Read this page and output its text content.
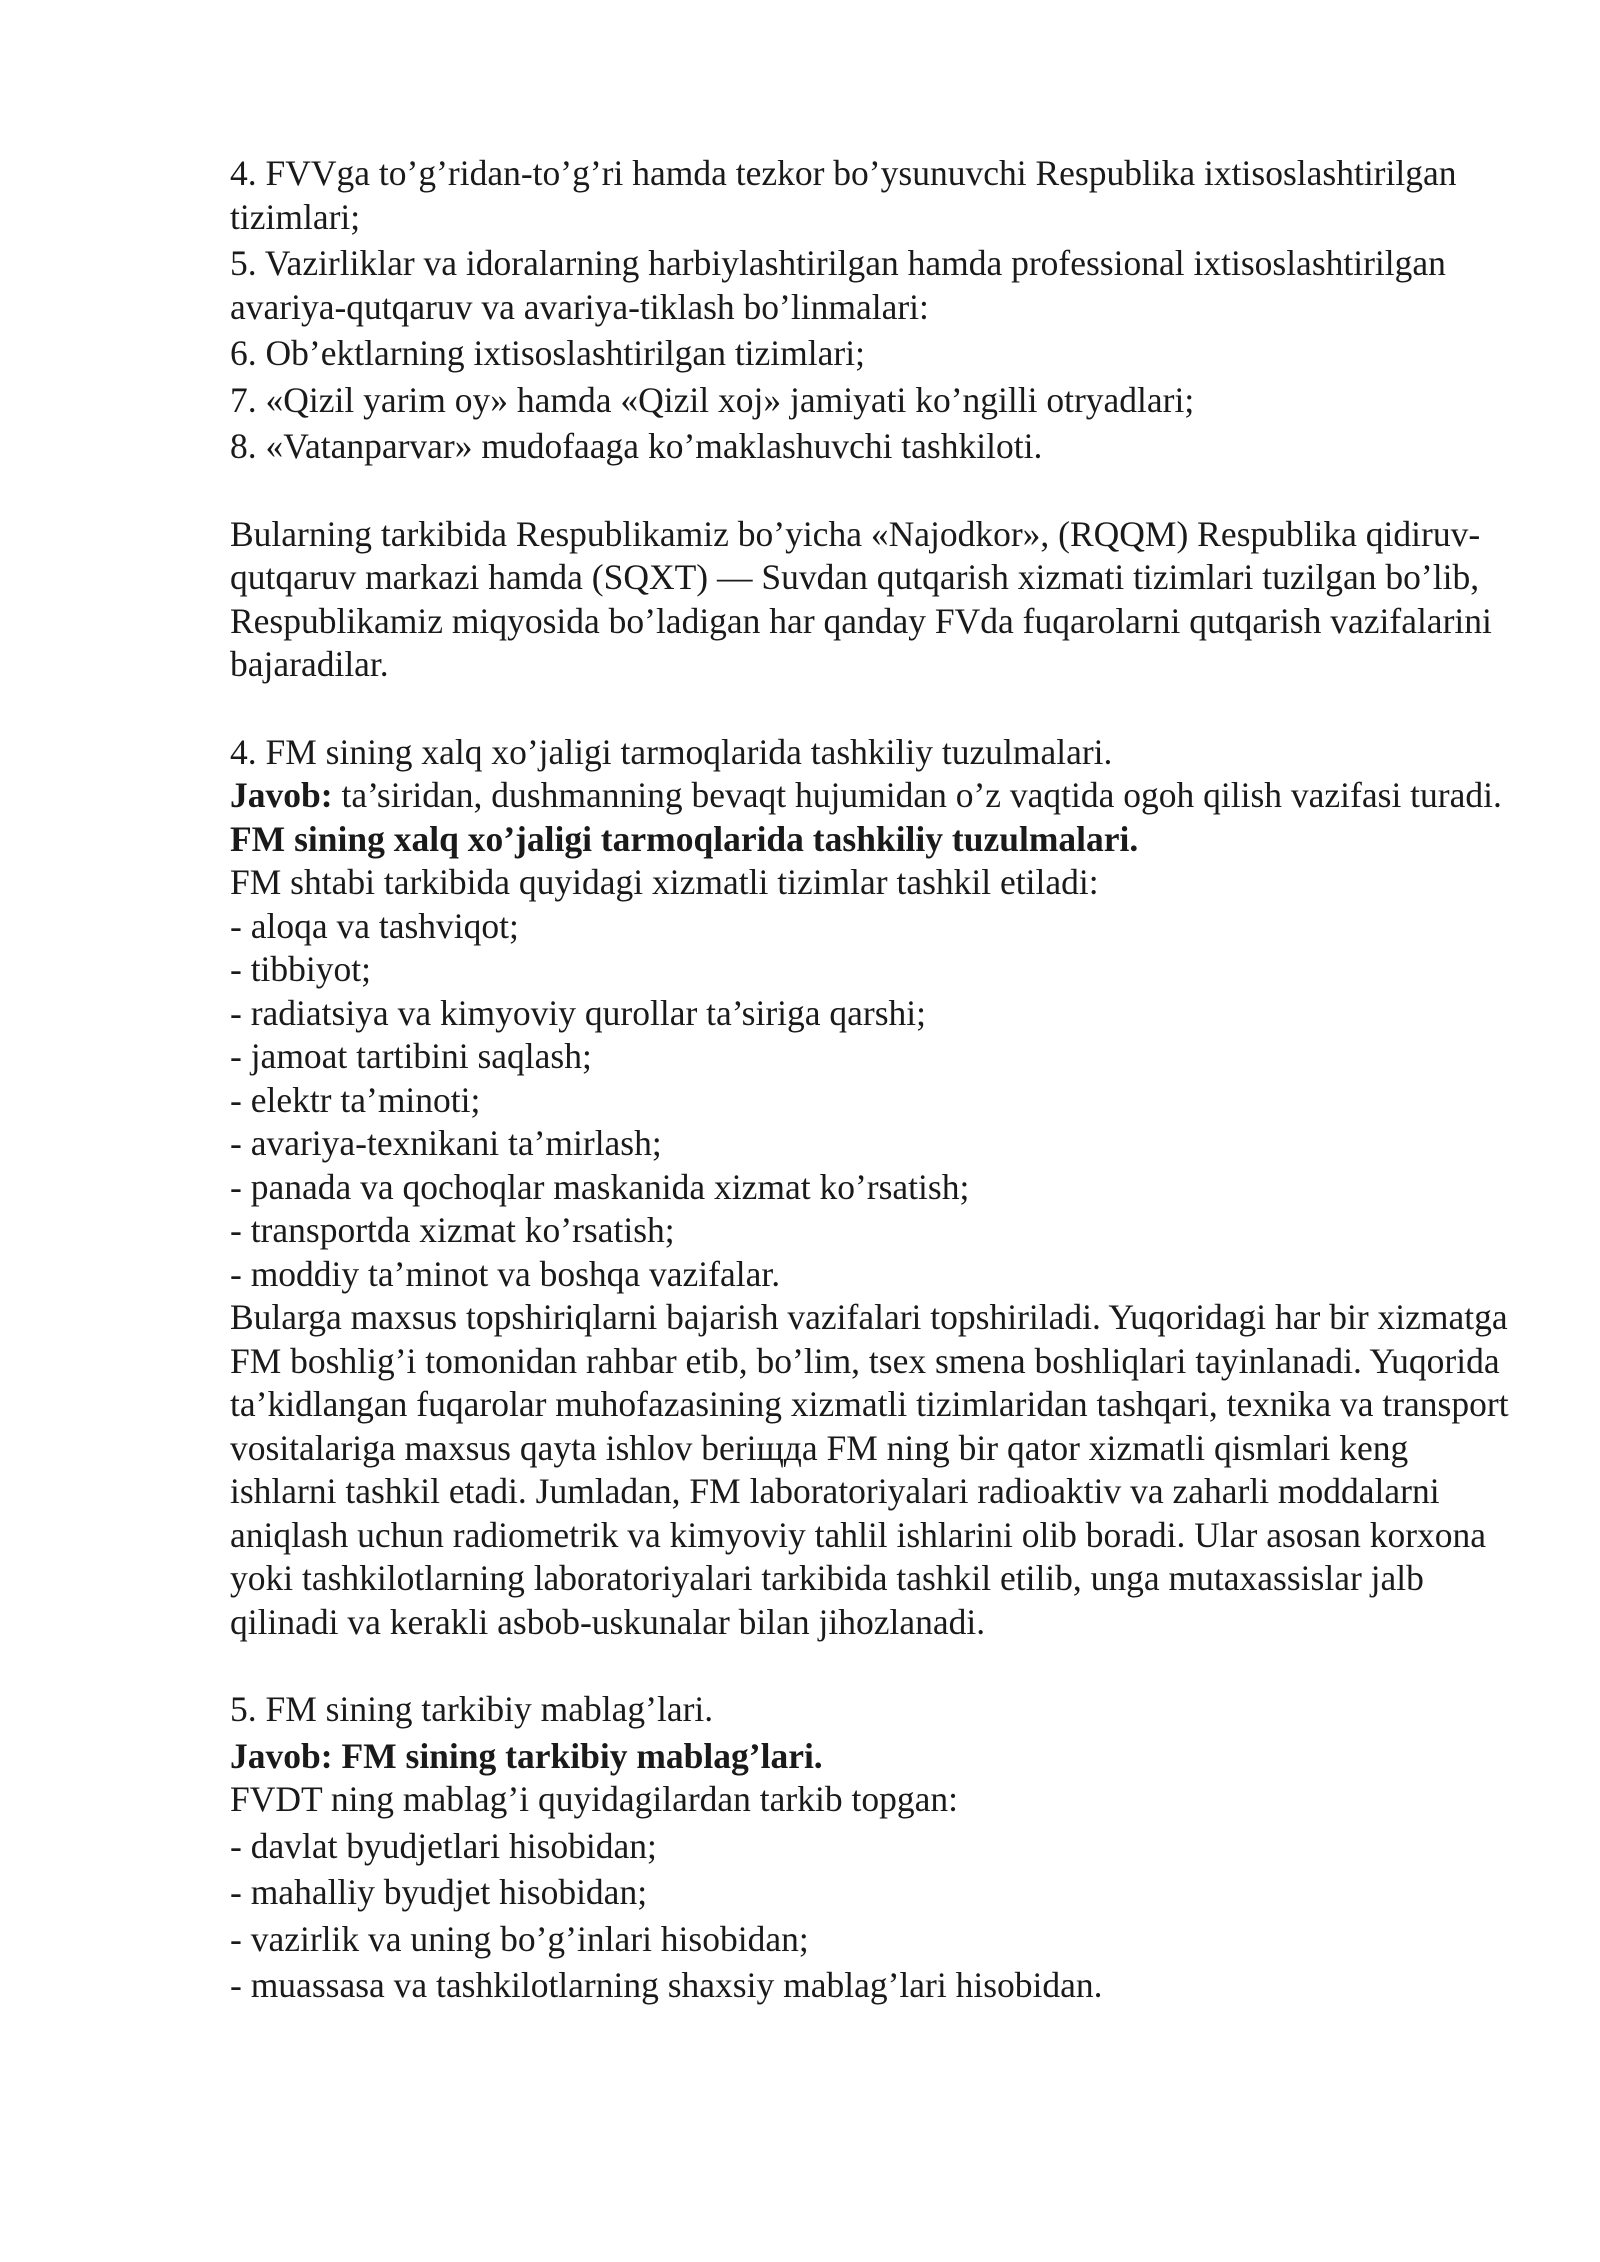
4. FVVga to’g’ridan-to’g’ri hamda tezkor bo’ysunuvchi Respublika ixtisoslashtirilgan tizimlari;

5. Vazirliklar va idoralarning harbiylashtirilgan hamda professional ixtisoslashtirilgan avariya-qutqaruv va avariya-tiklash bo’linmalari:

6. Ob’ektlarning ixtisoslashtirilgan tizimlari;

7. «Qizil yarim oy» hamda «Qizil xoj» jamiyati ko’ngilli otryadlari;

8. «Vatanparvar» mudofaaga ko’maklashuvchi tashkiloti.

Bularning tarkibida Respublikamiz bo’yicha «Najodkor», (RQQM) Respublika qidiruv-qutqaruv markazi hamda (SQXT) — Suvdan qutqarish xizmati tizimlari tuzilgan bo’lib, Respublikamiz miqyosida bo’ladigan har qanday FVda fuqarolarni qutqarish vazifalarini bajaradilar.

4. FM sining xalq xo’jaligi tarmoqlarida tashkiliy tuzulmalari.

Javob: ta’siridan, dushmanning bevaqt hujumidan o’z vaqtida ogoh qilish vazifasi turadi.

FM sining xalq xo’jaligi tarmoqlarida tashkiliy tuzulmalari.

FM shtabi tarkibida quyidagi xizmatli tizimlar tashkil etiladi:

- aloqa va tashviqot;

- tibbiyot;

- radiatsiya va kimyoviy qurollar ta’siriga qarshi;

- jamoat tartibini saqlash;

- elektr ta’minoti;

- avariya-texnikani ta’mirlash;

- panada va qochoqlar maskanida xizmat ko’rsatish;

- transportda xizmat ko’rsatish;

- moddiy ta’minot va boshqa vazifalar.

Bularga maxsus topshiriqlarni bajarish vazifalari topshiriladi. Yuqoridagi har bir xizmatga FM boshlig’i tomonidan rahbar etib, bo’lim, tsex smena boshliqlari tayinlanadi. Yuqorida ta’kidlangan fuqarolar muhofazasining xizmatli tizimlaridan tashqari, texnika va transport vositalariga maxsus qayta ishlov beriщда FM ning bir qator xizmatli qismlari keng ishlarni tashkil etadi. Jumladan, FM laboratoriyalari radioaktiv va zaharli moddalarni aniqlash uchun radiometrik va kimyoviy tahlil ishlarini olib boradi. Ular asosan korxona yoki tashkilotlarning laboratoriyalari tarkibida tashkil etilib, unga mutaxassislar jalb qilinadi va kerakli asbob-uskunalar bilan jihozlanadi.

5. FM sining tarkibiy mablag’lari.

Javob: FM sining tarkibiy mablag’lari.

FVDT ning mablag’i quyidagilardan tarkib topgan:

- davlat byudjetlari hisobidan;

- mahalliy byudjet hisobidan;

- vazirlik va uning bo’g’inlari hisobidan;

- muassasa va tashkilotlarning shaxsiy mablag’lari hisobidan.
